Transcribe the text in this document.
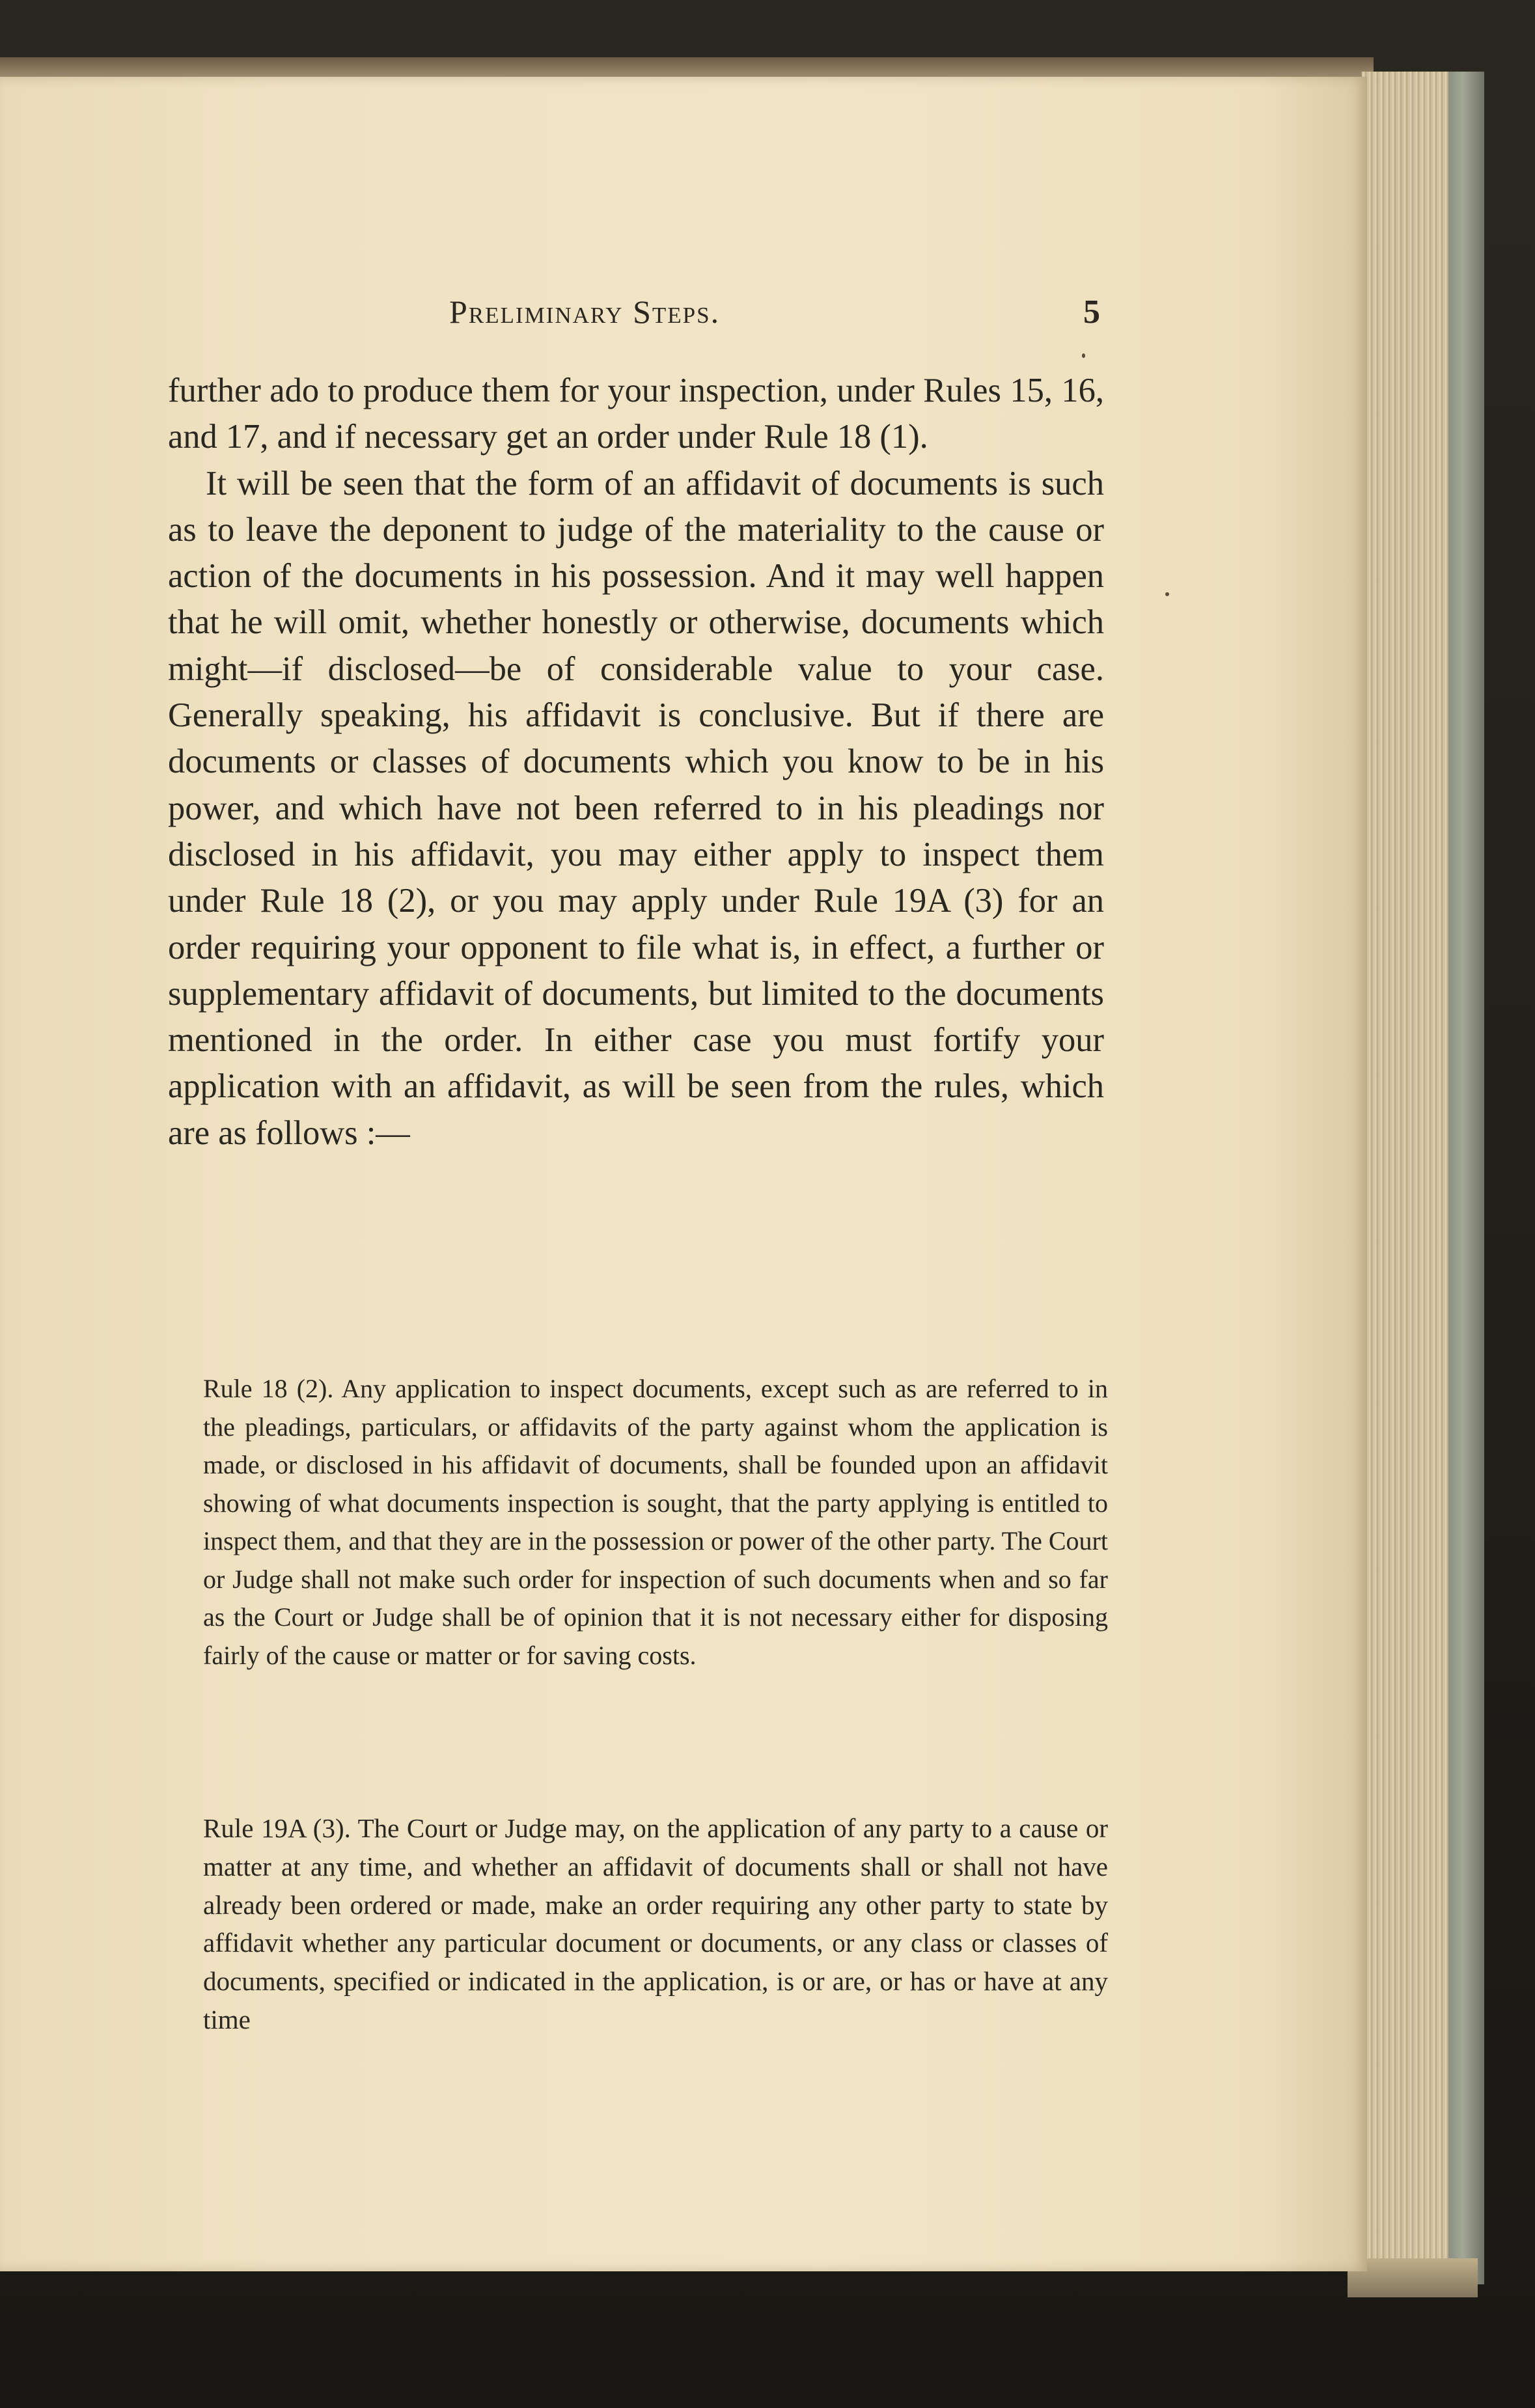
Preliminary Steps.	5

further ado to produce them for your inspection, under Rules 15, 16, and 17, and if necessary get an order under Rule 18 (1).

It will be seen that the form of an affidavit of documents is such as to leave the deponent to judge of the materiality to the cause or action of the documents in his possession. And it may well happen that he will omit, whether honestly or otherwise, documents which might—if disclosed—be of considerable value to your case. Generally speaking, his affidavit is conclusive. But if there are documents or classes of documents which you know to be in his power, and which have not been referred to in his pleadings nor disclosed in his affidavit, you may either apply to inspect them under Rule 18 (2), or you may apply under Rule 19A (3) for an order requiring your opponent to file what is, in effect, a further or supplementary affidavit of documents, but limited to the documents mentioned in the order. In either case you must fortify your application with an affidavit, as will be seen from the rules, which are as follows :—

Rule 18 (2). Any application to inspect documents, except such as are referred to in the pleadings, particulars, or affidavits of the party against whom the application is made, or disclosed in his affidavit of documents, shall be founded upon an affidavit showing of what documents inspection is sought, that the party applying is entitled to inspect them, and that they are in the possession or power of the other party. The Court or Judge shall not make such order for inspection of such documents when and so far as the Court or Judge shall be of opinion that it is not necessary either for disposing fairly of the cause or matter or for saving costs.

Rule 19A (3). The Court or Judge may, on the application of any party to a cause or matter at any time, and whether an affidavit of documents shall or shall not have already been ordered or made, make an order requiring any other party to state by affidavit whether any particular document or documents, or any class or classes of documents, specified or indicated in the application, is or are, or has or have at any time
